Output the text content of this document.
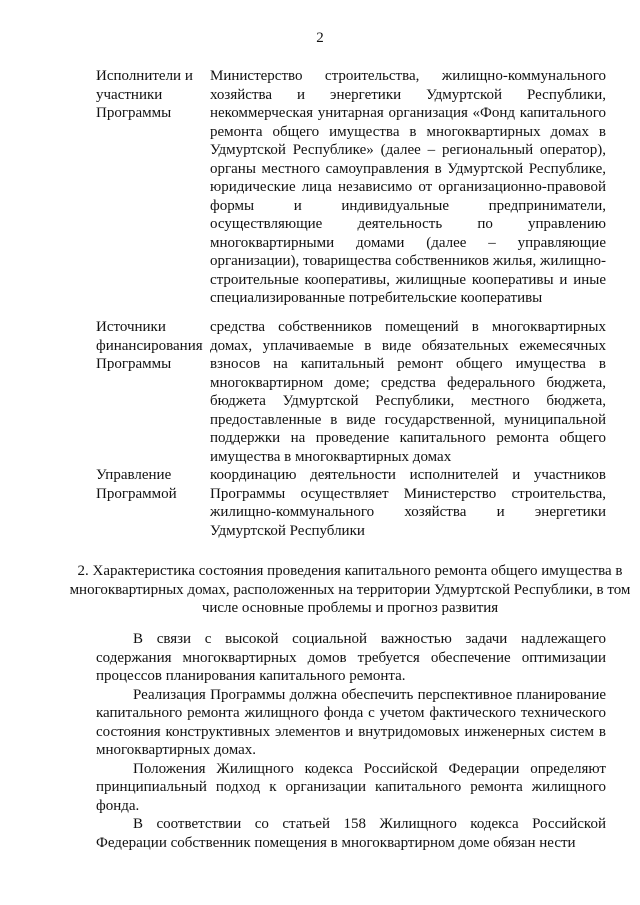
2
Исполнители и участники Программы
Министерство строительства, жилищно-коммунального хозяйства и энергетики Удмуртской Республики, некоммерческая унитарная организация «Фонд капитального ремонта общего имущества в многоквартирных домах в Удмуртской Республике» (далее – региональный оператор), органы местного самоуправления в Удмуртской Республике, юридические лица независимо от организационно-правовой формы и индивидуальные предприниматели, осуществляющие деятельность по управлению многоквартирными домами (далее – управляющие организации), товарищества собственников жилья, жилищно-строительные кооперативы, жилищные кооперативы и иные специализированные потребительские кооперативы
Источники финансирования Программы
средства собственников помещений в многоквартирных домах, уплачиваемые в виде обязательных ежемесячных взносов на капитальный ремонт общего имущества в многоквартирном доме; средства федерального бюджета, бюджета Удмуртской Республики, местного бюджета, предоставленные в виде государственной, муниципальной поддержки на проведение капитального ремонта общего имущества в многоквартирных домах
Управление Программой
координацию деятельности исполнителей и участников Программы осуществляет Министерство строительства, жилищно-коммунального хозяйства и энергетики Удмуртской Республики
2. Характеристика состояния проведения капитального ремонта общего имущества в многоквартирных домах, расположенных на территории Удмуртской Республики, в том числе основные проблемы и прогноз развития

В связи с высокой социальной важностью задачи надлежащего содержания многоквартирных домов требуется обеспечение оптимизации процессов планирования капитального ремонта.

Реализация Программы должна обеспечить перспективное планирование капитального ремонта жилищного фонда с учетом фактического технического состояния конструктивных элементов и внутридомовых инженерных систем в многоквартирных домах.

Положения Жилищного кодекса Российской Федерации определяют принципиальный подход к организации капитального ремонта жилищного фонда.

В соответствии со статьей 158 Жилищного кодекса Российской Федерации собственник помещения в многоквартирном доме обязан нести
